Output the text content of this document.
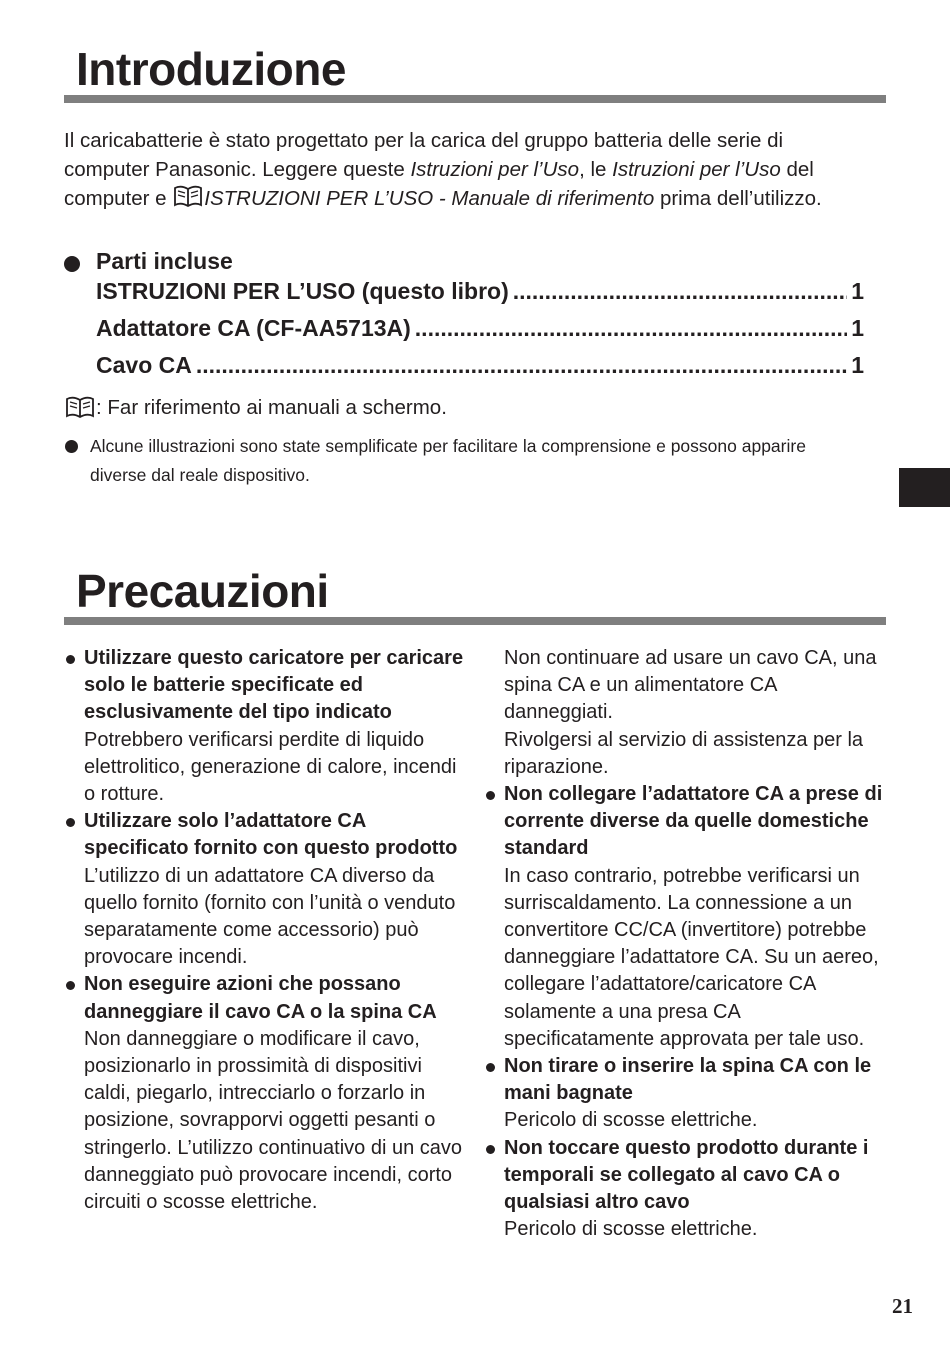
Introduzione

Il caricabatterie è stato progettato per la carica del gruppo batteria delle serie di computer Panasonic. Leggere queste Istruzioni per l’Uso, le Istruzioni per l’Uso del computer e ISTRUZIONI PER L’USO - Manuale di riferimento prima dell’utilizzo.

Parti incluse
ISTRUZIONI PER L’USO (questo libro) .....	1
Adattatore CA (CF-AA5713A) .....	1
Cavo CA .....	1
: Far riferimento ai manuali a schermo.
Alcune illustrazioni sono state semplificate per facilitare la comprensione e possono apparire diverse dal reale dispositivo.
Precauzioni
Utilizzare questo caricatore per caricare solo le batterie specificate ed esclusivamente del tipo indicato
Potrebbero verificarsi perdite di liquido elettrolitico, generazione di calore, incendi o rotture.
Utilizzare solo l’adattatore CA specificato fornito con questo prodotto
L’utilizzo di un adattatore CA diverso da quello fornito (fornito con l’unità o venduto separatamente come accessorio) può provocare incendi.
Non eseguire azioni che possano danneggiare il cavo CA o la spina CA
Non danneggiare o modificare il cavo, posizionarlo in prossimità di dispositivi caldi, piegarlo, intrecciarlo o forzarlo in posizione, sovrapporvi oggetti pesanti o stringerlo. L’utilizzo continuativo di un cavo danneggiato può provocare incendi, corto circuiti o scosse elettriche.
Non continuare ad usare un cavo CA, una spina CA e un alimentatore CA danneggiati.
Rivolgersi al servizio di assistenza per la riparazione.
Non collegare l’adattatore CA a prese di corrente diverse da quelle domestiche standard
In caso contrario, potrebbe verificarsi un surriscaldamento. La connessione a un convertitore CC/CA (invertitore) potrebbe danneggiare l’adattatore CA. Su un aereo, collegare l’adattatore/caricatore CA solamente a una presa CA specificatamente approvata per tale uso.
Non tirare o inserire la spina CA con le mani bagnate
Pericolo di scosse elettriche.
Non toccare questo prodotto durante i temporali se collegato al cavo CA o qualsiasi altro cavo
Pericolo di scosse elettriche.
21
